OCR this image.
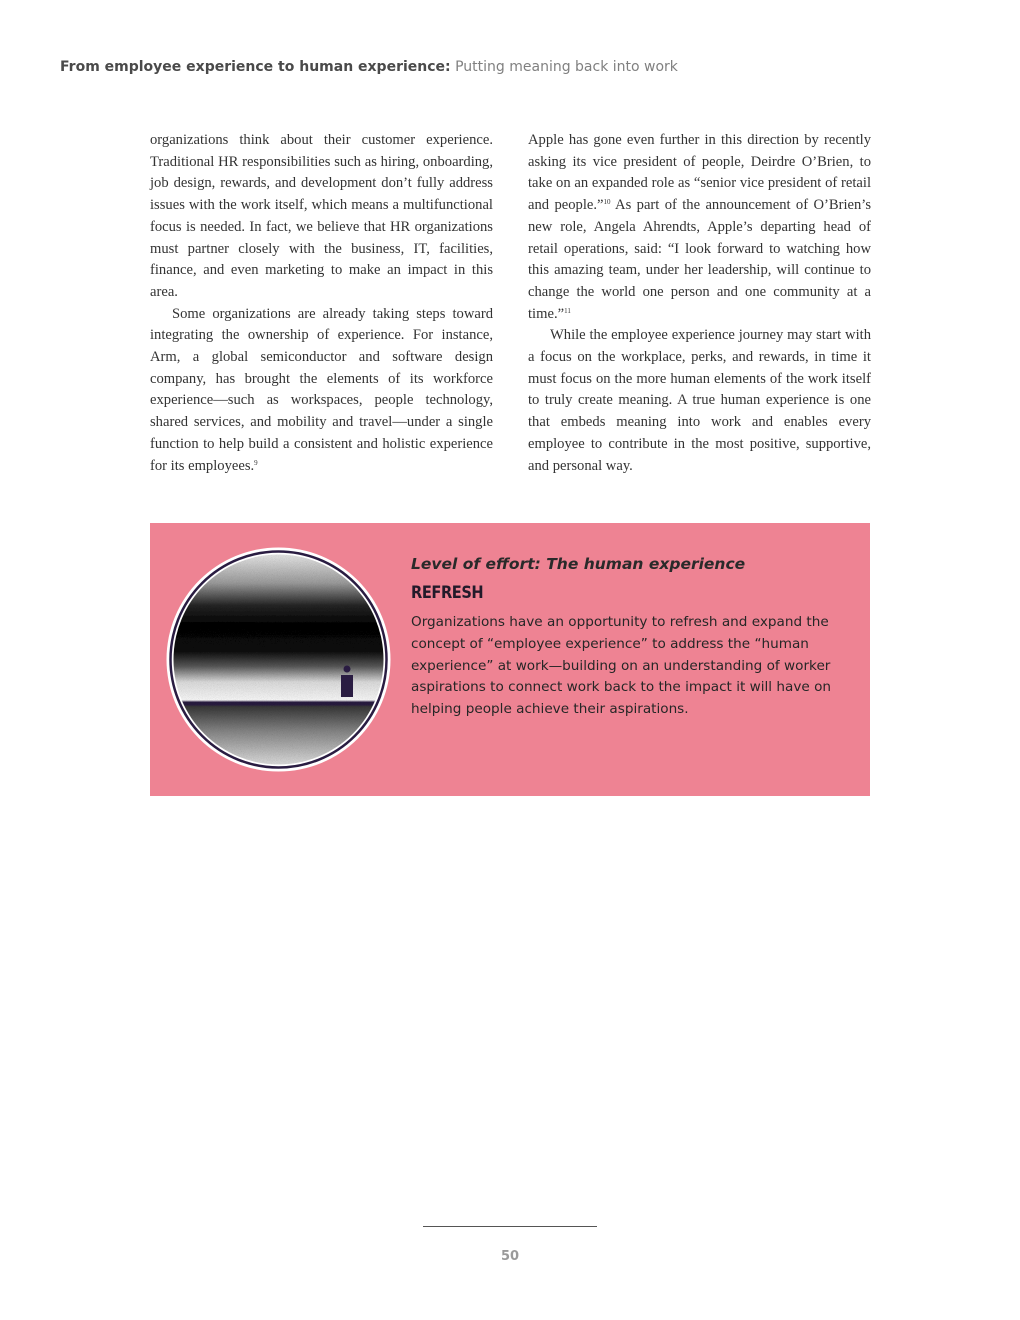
From employee experience to human experience: Putting meaning back into work

organizations think about their customer experience. Traditional HR responsibilities such as hiring, onboarding, job design, rewards, and development don’t fully address issues with the work itself, which means a multifunctional focus is needed. In fact, we believe that HR organizations must partner closely with the business, IT, facilities, finance, and even marketing to make an impact in this area.

Some organizations are already taking steps toward integrating the ownership of experience. For instance, Arm, a global semiconductor and software design company, has brought the elements of its workforce experience—such as workspaces, people technology, shared services, and mobility and travel—under a single function to help build a consistent and holistic experience for its employees.$^9$

Apple has gone even further in this direction by recently asking its vice president of people, Deirdre O’Brien, to take on an expanded role as “senior vice president of retail and people.”$^{10}$ As part of the announcement of O’Brien’s new role, Angela Ahrendts, Apple’s departing head of retail operations, said: “I look forward to watching how this amazing team, under her leadership, will continue to change the world one person and one community at a time.”$^{11}$

While the employee experience journey may start with a focus on the workplace, perks, and rewards, in time it must focus on the more human elements of the work itself to truly create meaning. A true human experience is one that embeds meaning into work and enables every employee to contribute in the most positive, supportive, and personal way.

Level of effort: The human experience
REFRESH
Organizations have an opportunity to refresh and expand the concept of “employee experience” to address the “human experience” at work—building on an understanding of worker aspirations to connect work back to the impact it will have on helping people achieve their aspirations.
50
